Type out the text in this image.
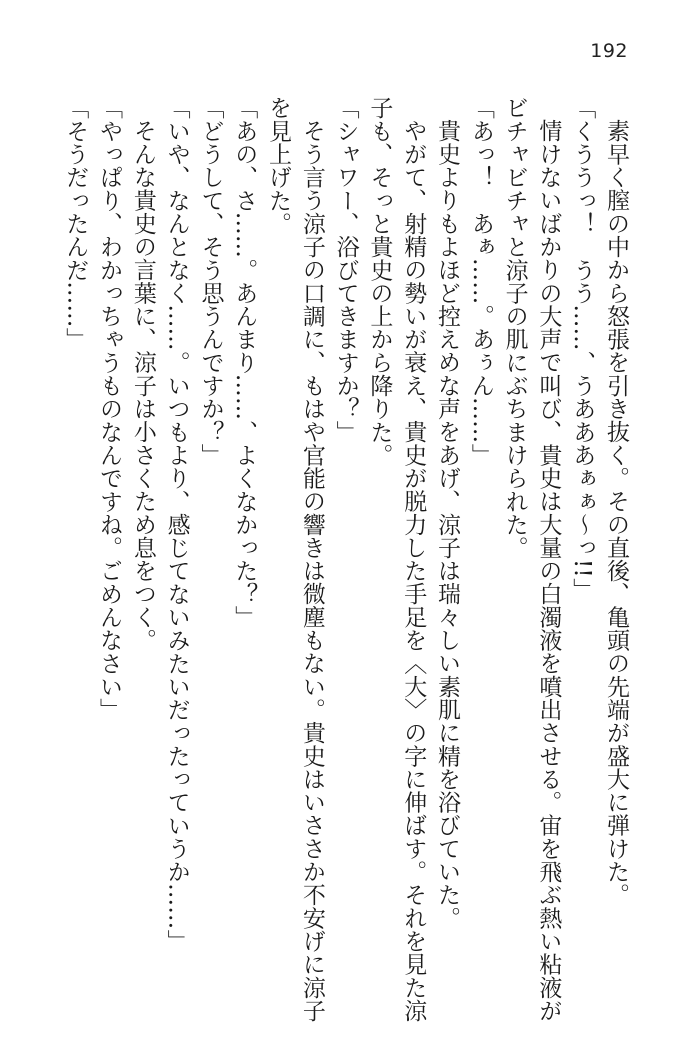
192
素早く膣の中から怒張を引き抜く。その直後、亀頭の先端が盛大に弾けた。
「くううっ！　うう……、うあああぁぁ～っ!!」
情けないばかりの大声で叫び、貴史は大量の白濁液を噴出させる。宙を飛ぶ熱い粘液が
ビチャビチャと涼子の肌にぶちまけられた。
「あっ！　あぁ……。あぅん……」
貴史よりもよほど控えめな声をあげ、涼子は瑞々しい素肌に精を浴びていた。
やがて、射精の勢いが衰え、貴史が脱力した手足を〈大〉の字に伸ばす。それを見た涼
子も、そっと貴史の上から降りた。
「シャワー、浴びてきますか？」
そう言う涼子の口調に、もはや官能の響きは微塵もない。貴史はいささか不安げに涼子
を見上げた。
「あの、さ……。あんまり……、よくなかった？」
「どうして、そう思うんですか？」
「いや、なんとなく……。いつもより、感じてないみたいだったっていうか……」
そんな貴史の言葉に、涼子は小さくため息をつく。
「やっぱり、わかっちゃうものなんですね。ごめんなさい」
「そうだったんだ……」
